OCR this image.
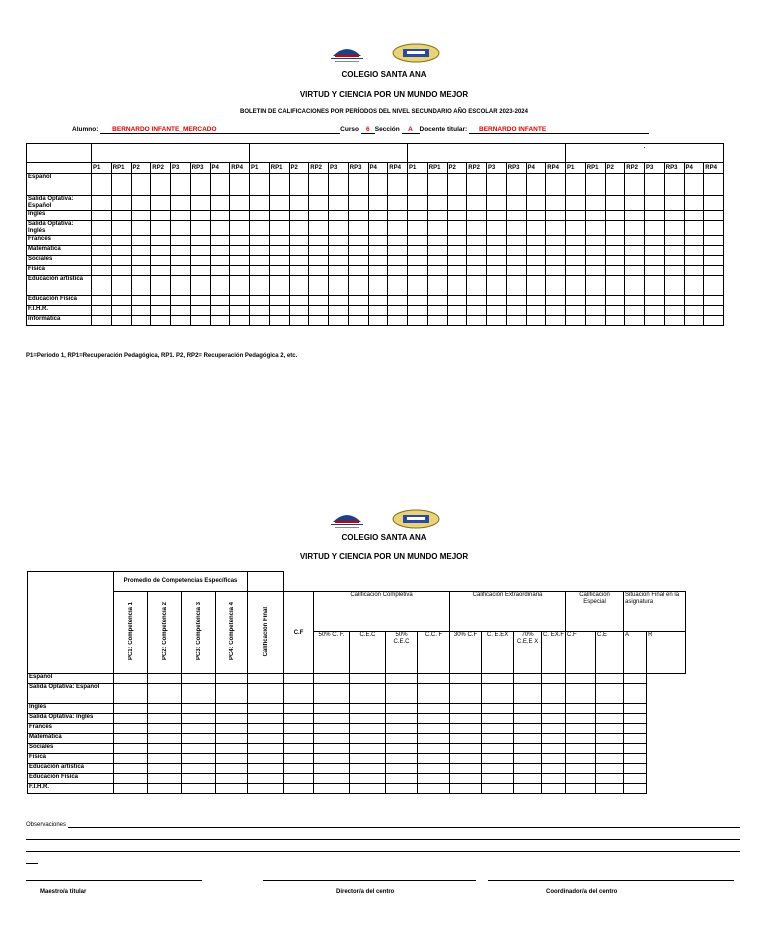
COLEGIO SANTA ANA
VIRTUD Y CIENCIA POR UN MUNDO MEJOR
BOLETIN DE CALIFICACIONES POR PERÍODOS DEL NIVEL SECUNDARIO AÑO ESCOLAR 2023-2024
Alumno: BERNARDO INFANTE_MERCADO	Curso 6 Sección A Docente titular: BERNARDO INFANTE
																									.							
	P1	RP1	P2	RP2	P3	RP3	P4	RP4	P1	RP1	P2	RP2	P3	RP3	P4	RP4	P1	RP1	P2	RP2	P3	RP3	P4	RP4	P1	RP1	P2	RP2	P3	RP3	P4	RP4
Español																																
Salida Optativa: Español																																
Inglés																																
Salida Optativa: Inglés																																
Francés																																
Matemática																																
Sociales																																
Física																																
Educación artística																																
Educación Física																																
F.I.H.R.																																
Informática																																
P1=Periodo 1, RP1=Recuperación Pedagógica, RP1. P2, RP2= Recuperación Pedagógica 2, etc.
COLEGIO SANTA ANA
VIRTUD Y CIENCIA POR UN MUNDO MEJOR
	Promedio de Competencias Específicas																	
	PC1: Competencia 1	PC2: Competencia 2	PC3: Competencia 3	PC4: Competencia 4	Calificación Final	C.F	Calificación Completiva				Calificación Extraordinaria				Calificación Especial		Situacion Final en la asignatura	
							50% C. F.	C.E.C	50% C.E.C	C.C. F	30% C.F	C. E.EX	70% C.E.E X	C. EX.F	C.F	C.E	A	R
Español																		
Salida Optativa: Español																		
Inglés																		
Salida Optativa: Inglés																		
Francés																		
Matemática																		
Sociales																		
Física																		
Educación artística																		
Educación Física																		
F.I.H.R.																		
Observaciones
Maestro/a titular	Director/a del centro	Coordinador/a del centro
